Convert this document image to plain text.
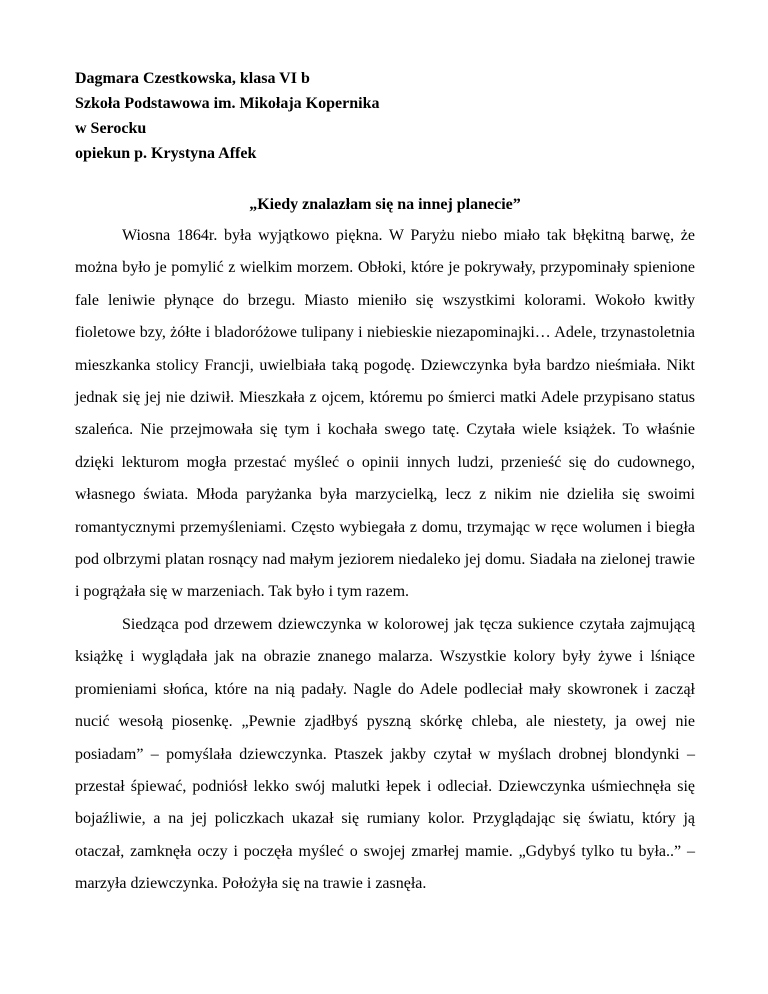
Dagmara Czestkowska, klasa VI b

Szkoła Podstawowa im. Mikołaja Kopernika

w Serocku

opiekun p. Krystyna Affek

„Kiedy znalazłam się na innej planecie”

Wiosna 1864r. była wyjątkowo piękna. W Paryżu niebo miało tak błękitną barwę, że można było je pomylić z wielkim morzem. Obłoki, które je pokrywały, przypominały spienione fale leniwie płynące do brzegu. Miasto mieniło się wszystkimi kolorami. Wokoło kwitły fioletowe bzy, żółte i bladoróżowe tulipany i niebieskie niezapominajki… Adele, trzynastoletnia mieszkanka stolicy Francji, uwielbiała taką pogodę. Dziewczynka była bardzo nieśmiała. Nikt jednak się jej nie dziwił. Mieszkała z ojcem, któremu po śmierci matki Adele przypisano status szaleńca. Nie przejmowała się tym i kochała swego tatę. Czytała wiele książek. To właśnie dzięki lekturom mogła przestać myśleć o opinii innych ludzi, przenieść się do cudownego, własnego świata. Młoda paryżanka była marzycielką, lecz z nikim nie dzieliła się swoimi romantycznymi przemyśleniami. Często wybiegała z domu, trzymając w ręce wolumen i biegła pod olbrzymi platan rosnący nad małym jeziorem niedaleko jej domu. Siadała na zielonej trawie i pogrążała się w marzeniach. Tak było i tym razem.

Siedząca pod drzewem dziewczynka w kolorowej jak tęcza sukience czytała zajmującą książkę i wyglądała jak na obrazie znanego malarza. Wszystkie kolory były żywe i lśniące promieniami słońca, które na nią padały. Nagle do Adele podleciał mały skowronek i zaczął nucić wesołą piosenkę. „Pewnie zjadłbyś pyszną skórkę chleba, ale niestety, ja owej nie posiadam” – pomyślała dziewczynka. Ptaszek jakby czytał w myślach drobnej blondynki – przestał śpiewać, podniósł lekko swój malutki łepek i odleciał. Dziewczynka uśmiechnęła się bojaźliwie, a na jej policzkach ukazał się rumiany kolor. Przyglądając się światu, który ją otaczał, zamknęła oczy i poczęła myśleć o swojej zmarłej mamie. „Gdybyś tylko tu była..” – marzyła dziewczynka. Położyła się na trawie i zasnęła.
